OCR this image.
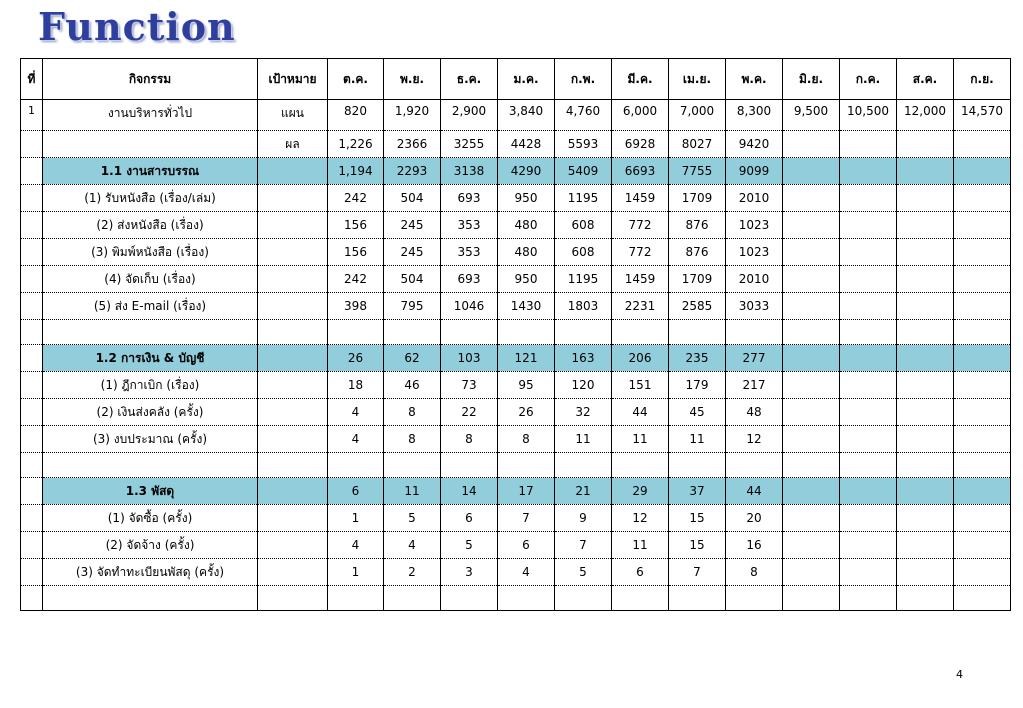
Function
ที่	กิจกรรม	เป้าหมาย	ต.ค.	พ.ย.	ธ.ค.	ม.ค.	ก.พ.	มี.ค.	เม.ย.	พ.ค.	มิ.ย.	ก.ค.	ส.ค.	ก.ย.
1	งานบริหารทั่วไป	แผน	820	1,920	2,900	3,840	4,760	6,000	7,000	8,300	9,500	10,500	12,000	14,570
		ผล	1,226	2366	3255	4428	5593	6928	8027	9420				
	1.1 งานสารบรรณ		1,194	2293	3138	4290	5409	6693	7755	9099				
	(1) รับหนังสือ (เรื่อง/เล่ม)		242	504	693	950	1195	1459	1709	2010				
	(2) ส่งหนังสือ (เรื่อง)		156	245	353	480	608	772	876	1023				
	(3) พิมพ์หนังสือ (เรื่อง)		156	245	353	480	608	772	876	1023				
	(4) จัดเก็บ (เรื่อง)		242	504	693	950	1195	1459	1709	2010				
	(5) ส่ง E-mail (เรื่อง)		398	795	1046	1430	1803	2231	2585	3033				

	1.2 การเงิน & บัญชี		26	62	103	121	163	206	235	277				
	(1) ฎีกาเบิก (เรื่อง)		18	46	73	95	120	151	179	217				
	(2) เงินส่งคลัง (ครั้ง)		4	8	22	26	32	44	45	48				
	(3) งบประมาณ (ครั้ง)		4	8	8	8	11	11	11	12				

	1.3 พัสดุ		6	11	14	17	21	29	37	44				
	(1) จัดซื้อ (ครั้ง)		1	5	6	7	9	12	15	20				
	(2) จัดจ้าง (ครั้ง)		4	4	5	6	7	11	15	16				
	(3) จัดทำทะเบียนพัสดุ (ครั้ง)		1	2	3	4	5	6	7	8				

4
